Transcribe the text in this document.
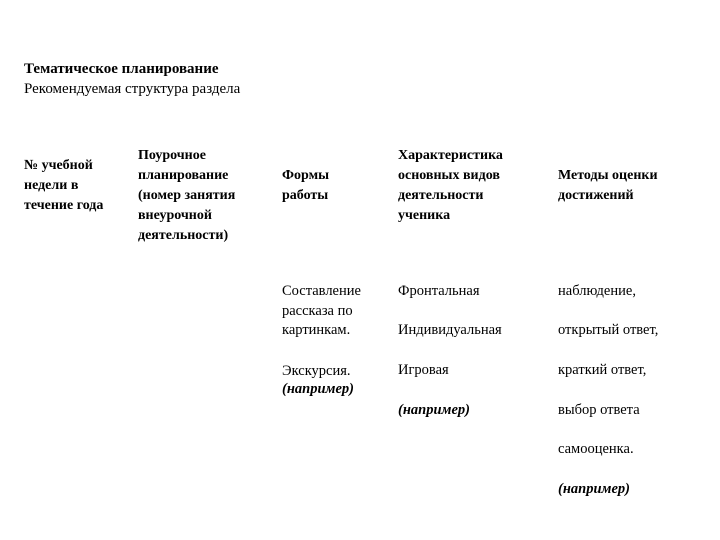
Тематическое планирование
Рекомендуемая структура раздела
№ учебной
недели в
течение года
Поурочное
планирование
(номер занятия
внеурочной
деятельности)
Формы
работы
Характеристика
основных видов
деятельности
ученика
Методы оценки
достижений
Составление
рассказа по
картинкам.
Экскурсия.
(например)
Фронтальная
Индивидуальная
Игровая
(например)
наблюдение,
открытый ответ,
краткий ответ,
выбор ответа
самооценка.
(например)
